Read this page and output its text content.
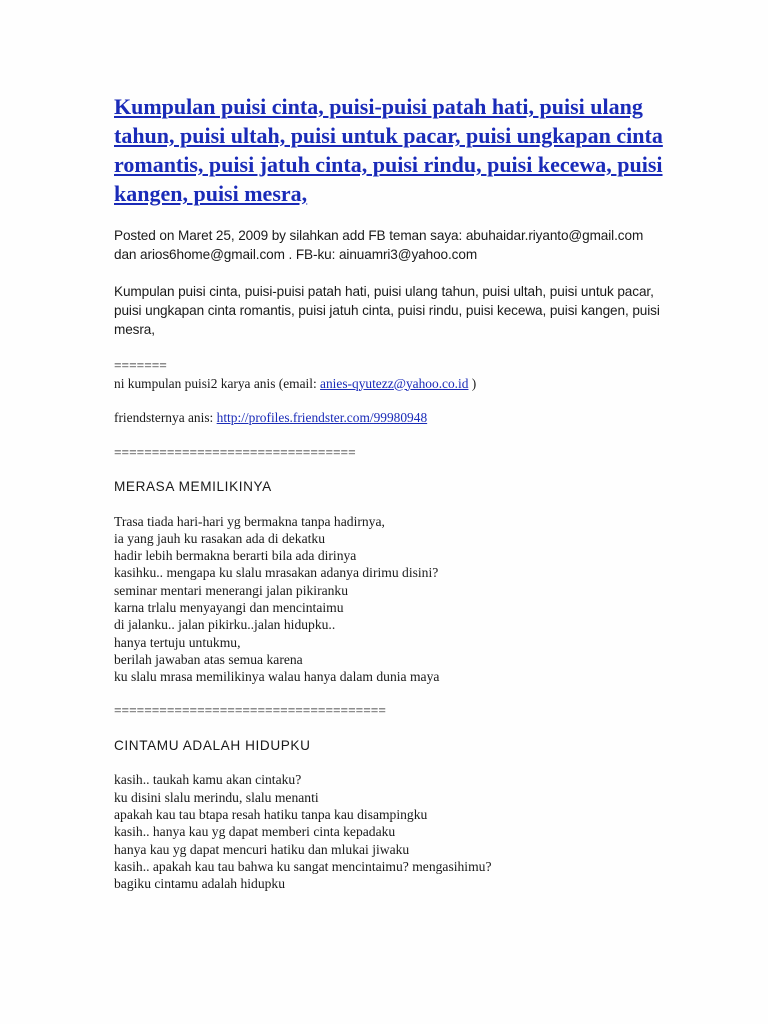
Kumpulan puisi cinta, puisi-puisi patah hati, puisi ulang tahun, puisi ultah, puisi untuk pacar, puisi ungkapan cinta romantis, puisi jatuh cinta, puisi rindu, puisi kecewa, puisi kangen, puisi mesra,
Posted on Maret 25, 2009 by silahkan add FB teman saya: abuhaidar.riyanto@gmail.com
dan arios6home@gmail.com . FB-ku: ainuamri3@yahoo.com

Kumpulan puisi cinta, puisi-puisi patah hati, puisi ulang tahun, puisi ultah, puisi untuk pacar, puisi ungkapan cinta romantis, puisi jatuh cinta, puisi rindu, puisi kecewa, puisi kangen, puisi mesra,

=======
ni kumpulan puisi2 karya anis (email: anies-qyutezz@yahoo.co.id )
friendsternya anis: http://profiles.friendster.com/99980948
================================
MERASA MEMILIKINYA
Trasa tiada hari-hari yg bermakna tanpa hadirnya,
ia yang jauh ku rasakan ada di dekatku
hadir lebih bermakna berarti bila ada dirinya
kasihku.. mengapa ku slalu mrasakan adanya dirimu disini?
seminar mentari menerangi jalan pikiranku
karna trlalu menyayangi dan mencintaimu
di jalanku.. jalan pikirku..jalan hidupku..
hanya tertuju untukmu,
berilah jawaban atas semua karena
ku slalu mrasa memilikinya walau hanya dalam dunia maya
====================================
CINTAMU ADALAH HIDUPKU
kasih.. taukah kamu akan cintaku?
ku disini slalu merindu, slalu menanti
apakah kau tau btapa resah hatiku tanpa kau disampingku
kasih.. hanya kau yg dapat memberi cinta kepadaku
hanya kau yg dapat mencuri hatiku dan mlukai jiwaku
kasih.. apakah kau tau bahwa ku sangat mencintaimu? mengasihimu?
bagiku cintamu adalah hidupku
